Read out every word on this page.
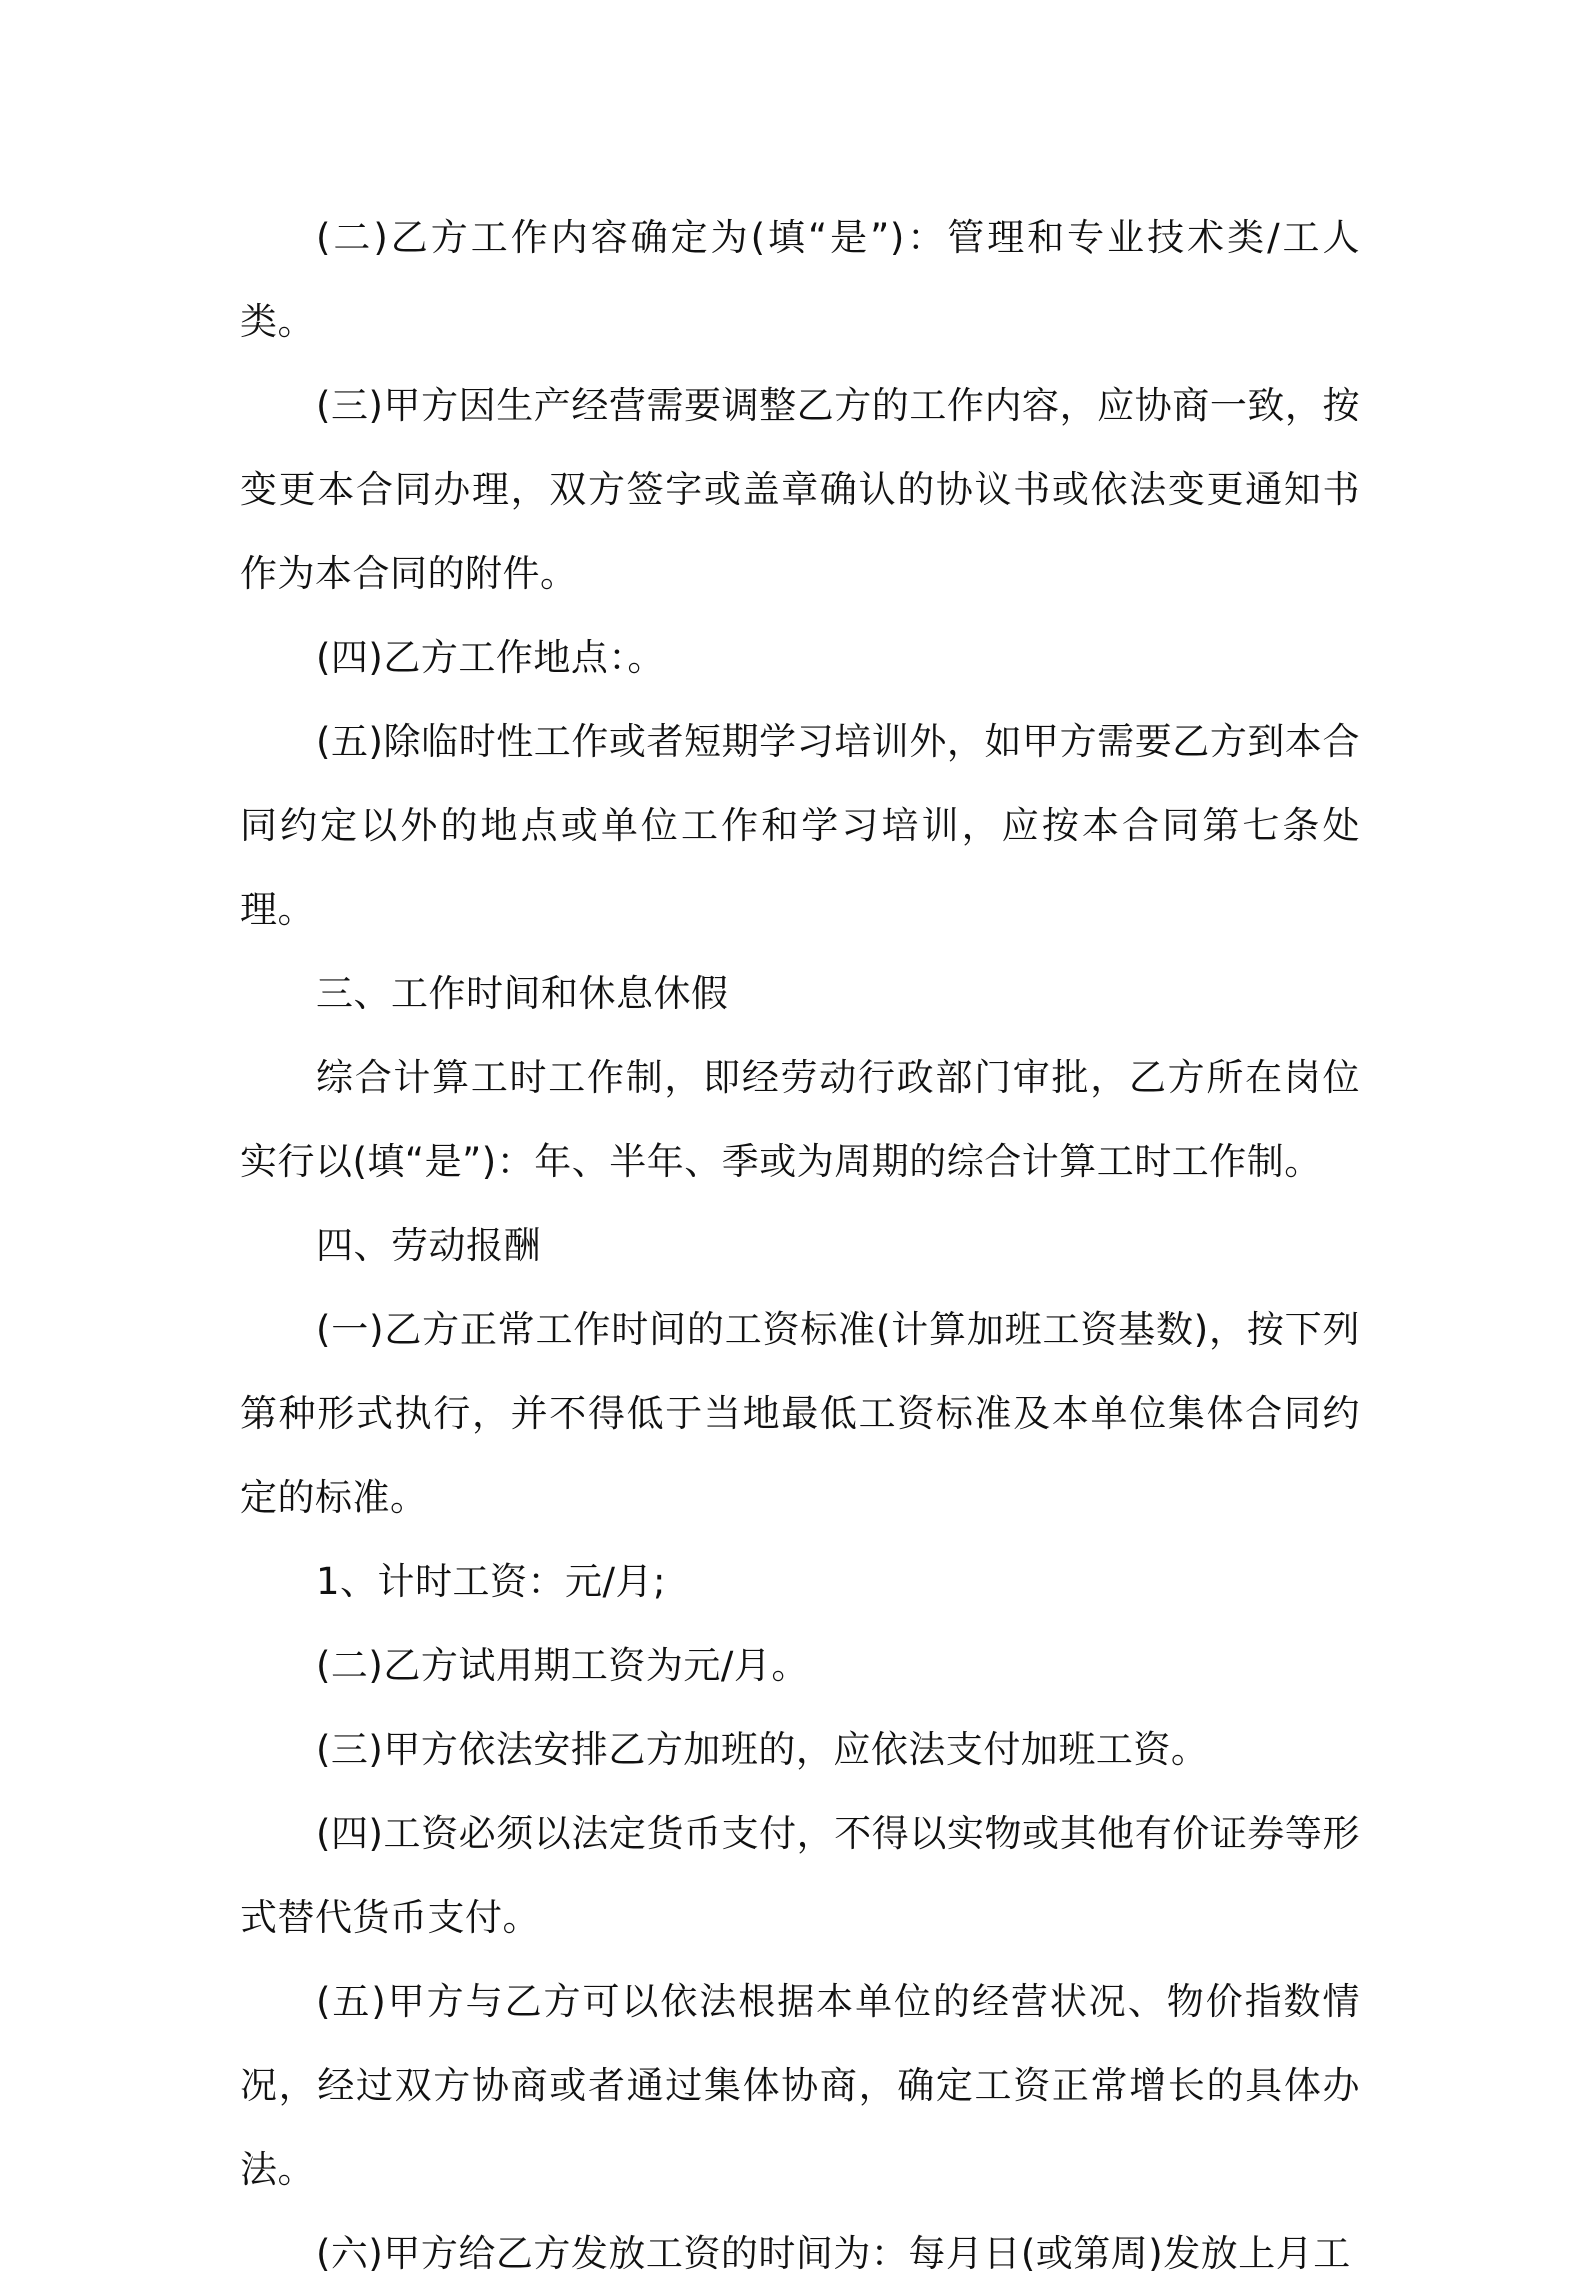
(二)乙方工作内容确定为(填“是”)：管理和专业技术类/工人类。

(三)甲方因生产经营需要调整乙方的工作内容，应协商一致，按变更本合同办理，双方签字或盖章确认的协议书或依法变更通知书作为本合同的附件。

(四)乙方工作地点：。

(五)除临时性工作或者短期学习培训外，如甲方需要乙方到本合同约定以外的地点或单位工作和学习培训，应按本合同第七条处理。

三、工作时间和休息休假

综合计算工时工作制，即经劳动行政部门审批，乙方所在岗位实行以(填“是”)：年、半年、季或为周期的综合计算工时工作制。

四、劳动报酬

(一)乙方正常工作时间的工资标准(计算加班工资基数)，按下列第种形式执行，并不得低于当地最低工资标准及本单位集体合同约定的标准。

1、计时工资：元/月;

(二)乙方试用期工资为元/月。

(三)甲方依法安排乙方加班的，应依法支付加班工资。

(四)工资必须以法定货币支付，不得以实物或其他有价证券等形式替代货币支付。

(五)甲方与乙方可以依法根据本单位的经营状况、物价指数情况，经过双方协商或者通过集体协商，确定工资正常增长的具体办法。

(六)甲方给乙方发放工资的时间为：每月日(或第周)发放上月工
